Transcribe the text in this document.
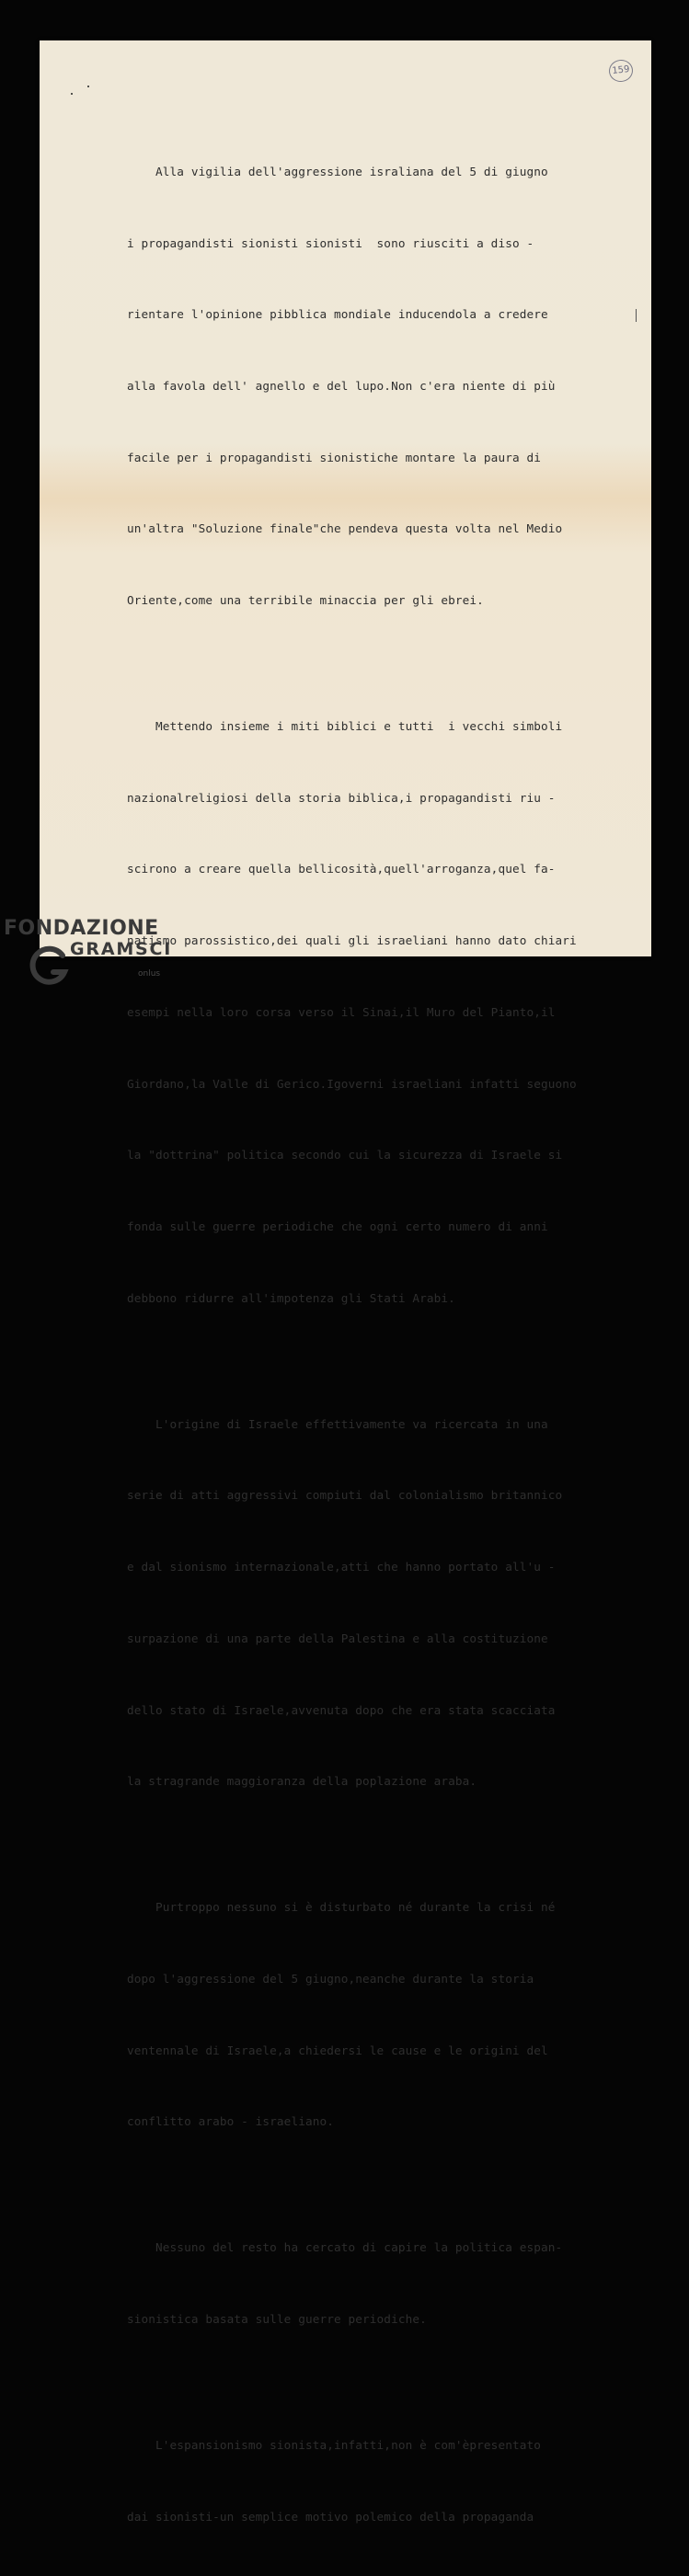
159

Alla vigilia dell'aggressione israliana del 5 di giugno

i propagandisti sionisti sionisti  sono riusciti a diso -

rientare l'opinione pibblica mondiale inducendola a credere

alla favola dell' agnello e del lupo.Non c'era niente di più

facile per i propagandisti sionistiche montare la paura di

un'altra "Soluzione finale"che pendeva questa volta nel Medio

Oriente,come una terribile minaccia per gli ebrei.

Mettendo insieme i miti biblici e tutti  i vecchi simboli

nazionalreligiosi della storia biblica,i propagandisti riu -

scirono a creare quella bellicosità,quell'arroganza,quel fa-

natismo parossistico,dei quali gli israeliani hanno dato chiari

esempi nella loro corsa verso il Sinai,il Muro del Pianto,il

Giordano,la Valle di Gerico.Igoverni israeliani infatti seguono

la "dottrina" politica secondo cui la sicurezza di Israele si

fonda sulle guerre periodiche che ogni certo numero di anni

debbono ridurre all'impotenza gli Stati Arabi.

L'origine di Israele effettivamente va ricercata in una

serie di atti aggressivi compiuti dal colonialismo britannico

e dal sionismo internazionale,atti che hanno portato all'u -

surpazione di una parte della Palestina e alla costituzione

dello stato di Israele,avvenuta dopo che era stata scacciata

la stragrande maggioranza della poplazione araba.

Purtroppo nessuno si è disturbato né durante la crisi né

dopo l'aggressione del 5 giugno,neanche durante la storia

ventennale di Israele,a chiedersi le cause e le origini del

conflitto arabo - israeliano.

Nessuno del resto ha cercato di capire la politica espan-

sionistica basata sulle guerre periodiche.

L'espansionismo sionista,infatti,non è com'èpresentato

dai sionisti-un semplice motivo polemico della propaganda

FONDAZIONE
GRAMSCI
onlus
